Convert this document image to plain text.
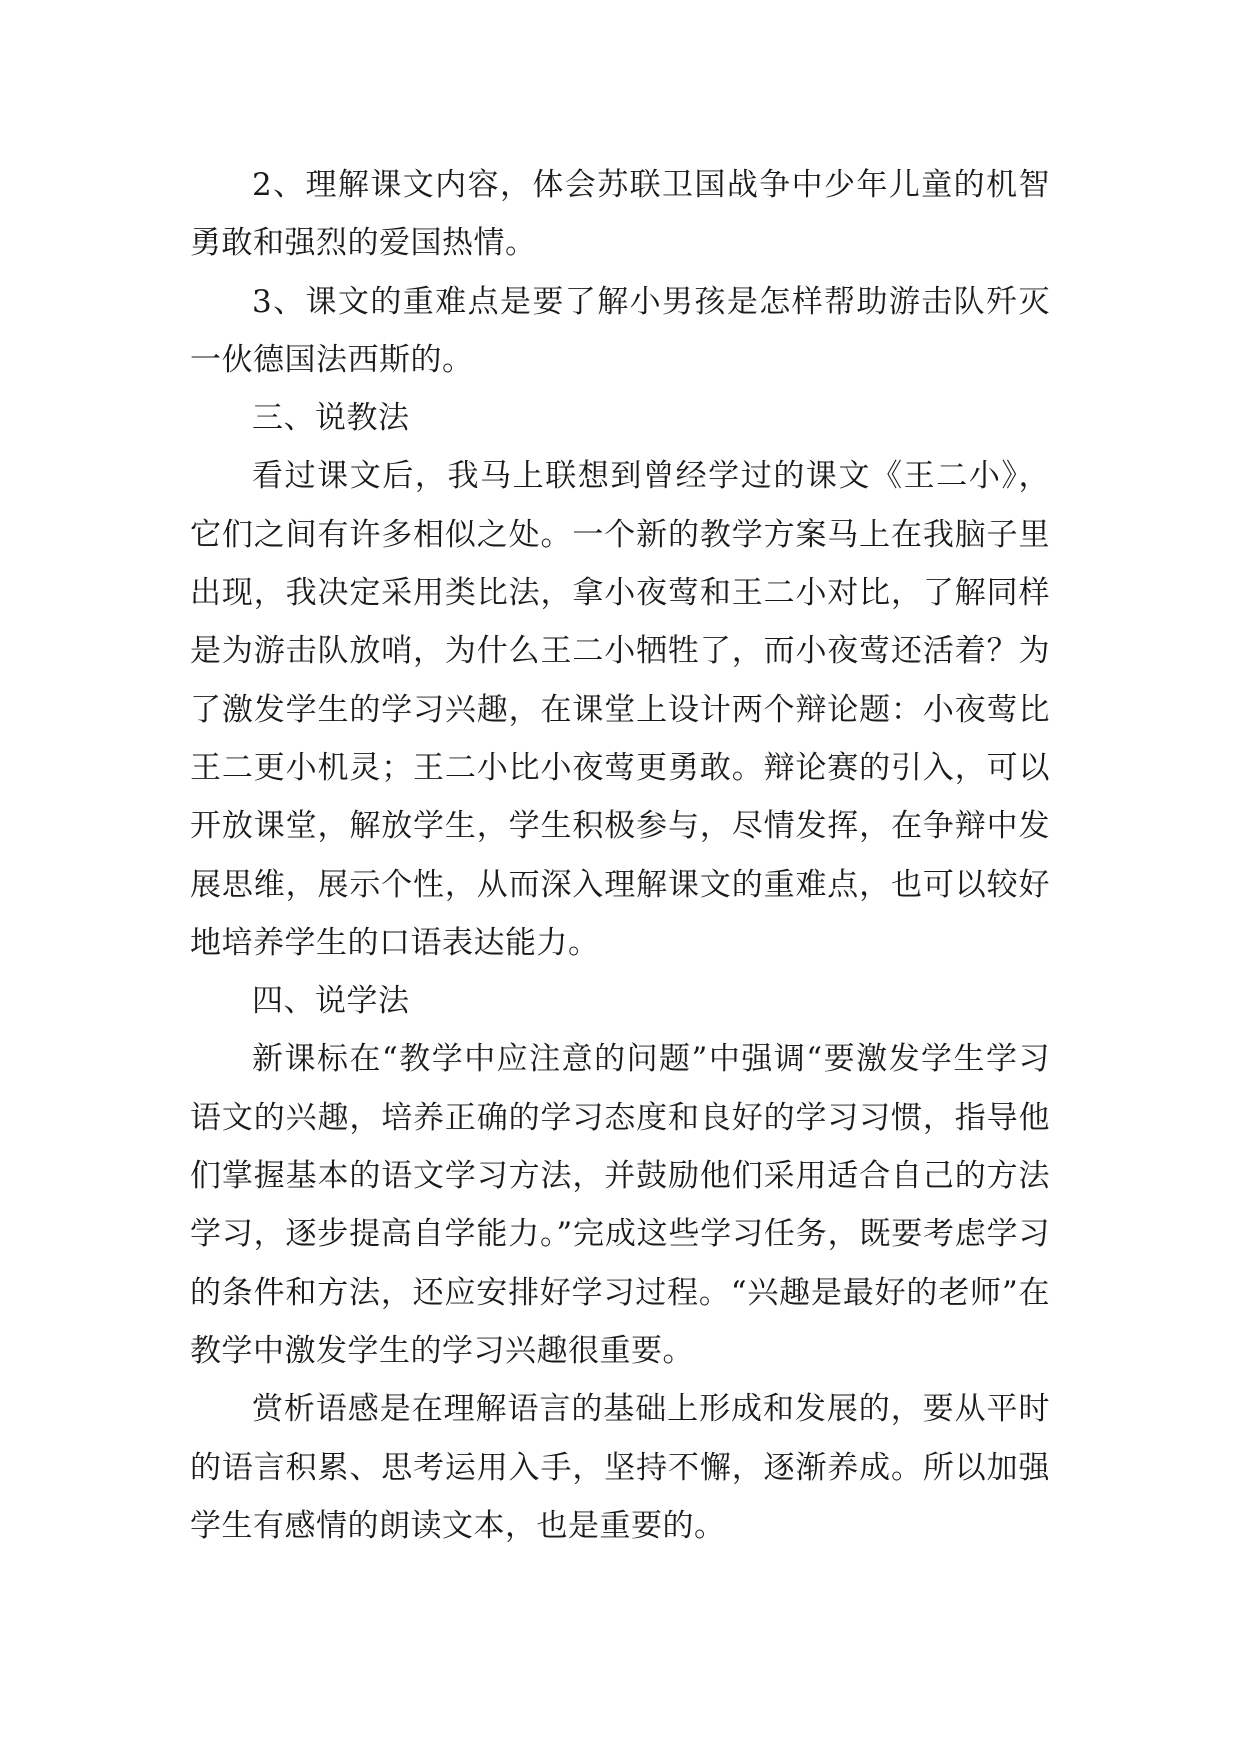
2、理解课文内容，体会苏联卫国战争中少年儿童的机智勇敢和强烈的爱国热情。

3、课文的重难点是要了解小男孩是怎样帮助游击队歼灭一伙德国法西斯的。

三、说教法

看过课文后，我马上联想到曾经学过的课文《王二小》，它们之间有许多相似之处。一个新的教学方案马上在我脑子里出现，我决定采用类比法，拿小夜莺和王二小对比，了解同样是为游击队放哨，为什么王二小牺牲了，而小夜莺还活着？为了激发学生的学习兴趣，在课堂上设计两个辩论题：小夜莺比王二更小机灵；王二小比小夜莺更勇敢。辩论赛的引入，可以开放课堂，解放学生，学生积极参与，尽情发挥，在争辩中发展思维，展示个性，从而深入理解课文的重难点，也可以较好地培养学生的口语表达能力。

四、说学法

新课标在“教学中应注意的问题”中强调“要激发学生学习语文的兴趣，培养正确的学习态度和良好的学习习惯，指导他们掌握基本的语文学习方法，并鼓励他们采用适合自己的方法学习，逐步提高自学能力。”完成这些学习任务，既要考虑学习的条件和方法，还应安排好学习过程。“兴趣是最好的老师”在教学中激发学生的学习兴趣很重要。

赏析语感是在理解语言的基础上形成和发展的，要从平时的语言积累、思考运用入手，坚持不懈，逐渐养成。所以加强学生有感情的朗读文本，也是重要的。
